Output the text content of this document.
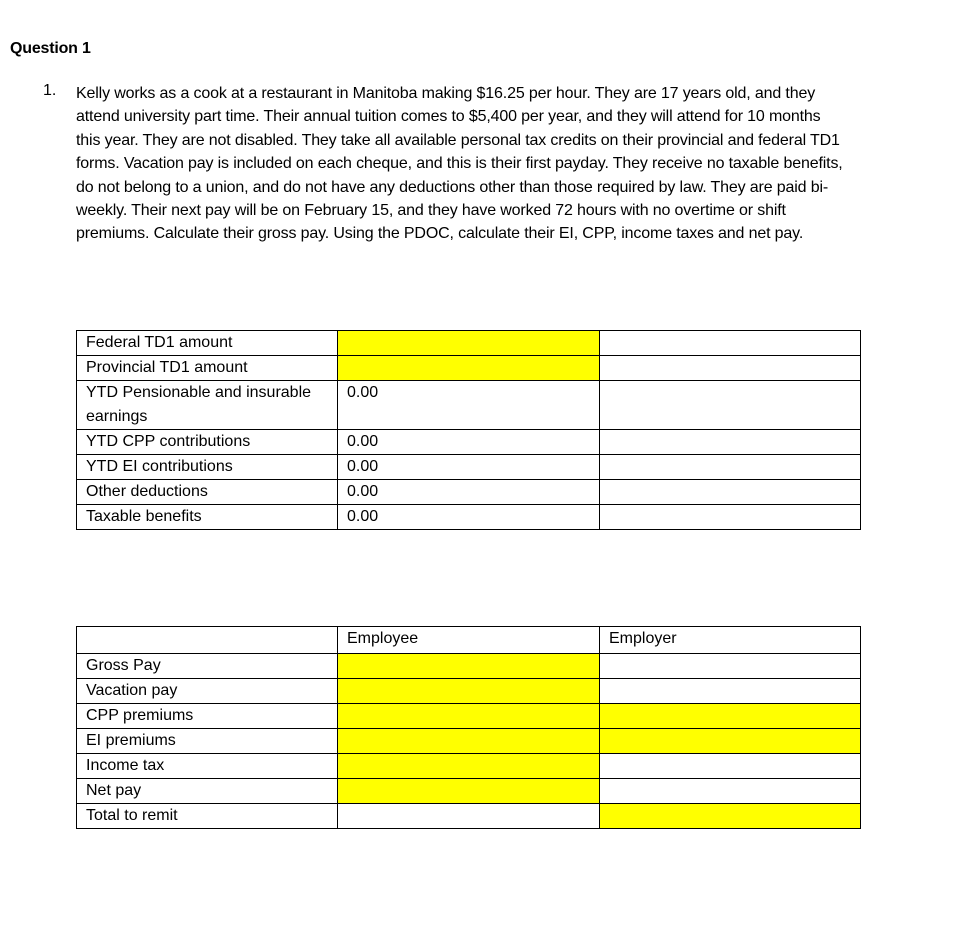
Question 1
1. Kelly works as a cook at a restaurant in Manitoba making $16.25 per hour. They are 17 years old, and they attend university part time. Their annual tuition comes to $5,400 per year, and they will attend for 10 months this year. They are not disabled. They take all available personal tax credits on their provincial and federal TD1 forms. Vacation pay is included on each cheque, and this is their first payday. They receive no taxable benefits, do not belong to a union, and do not have any deductions other than those required by law. They are paid bi-weekly. Their next pay will be on February 15, and they have worked 72 hours with no overtime or shift premiums. Calculate their gross pay. Using the PDOC, calculate their EI, CPP, income taxes and net pay.
Federal TD1 amount		
Provincial TD1 amount		
YTD Pensionable and insurable earnings	0.00	
YTD CPP contributions	0.00	
YTD EI contributions	0.00	
Other deductions	0.00	
Taxable benefits	0.00	
	Employee	Employer
Gross Pay		
Vacation pay		
CPP premiums		
EI premiums		
Income tax		
Net pay		
Total to remit		
